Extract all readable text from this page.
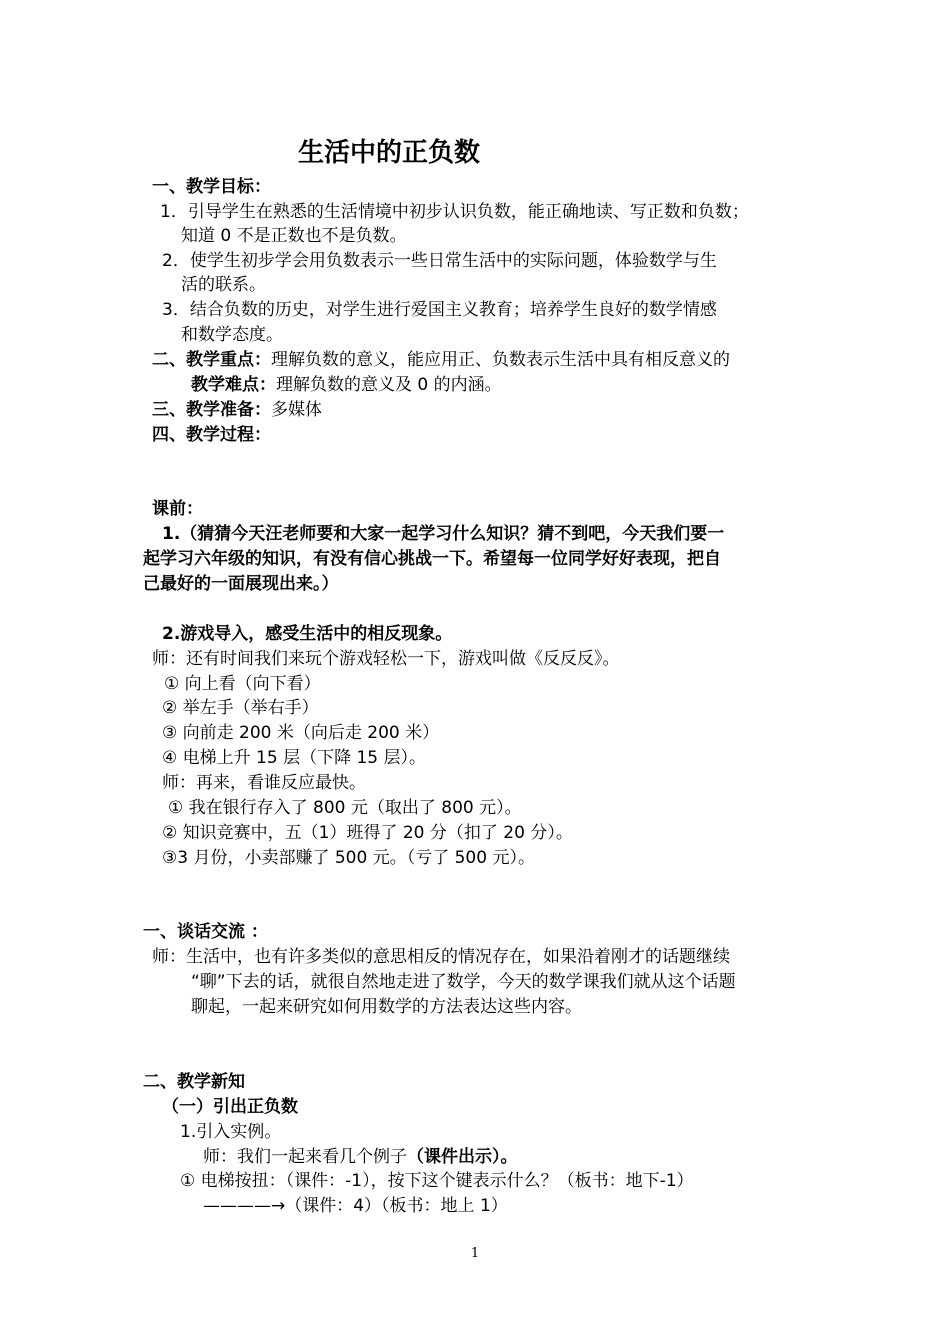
生活中的正负数
一、教学目标：
1．引导学生在熟悉的生活情境中初步认识负数，能正确地读、写正数和负数；
知道 0 不是正数也不是负数。
2．使学生初步学会用负数表示一些日常生活中的实际问题，体验数学与生
活的联系。
3．结合负数的历史，对学生进行爱国主义教育；培养学生良好的数学情感
和数学态度。
二、教学重点：理解负数的意义，能应用正、负数表示生活中具有相反意义的
教学难点：理解负数的意义及 0 的内涵。
三、教学准备：多媒体
四、教学过程：
课前：
1.（猜猜今天汪老师要和大家一起学习什么知识？猜不到吧，今天我们要一
起学习六年级的知识，有没有信心挑战一下。希望每一位同学好好表现，把自
己最好的一面展现出来。）
2.游戏导入，感受生活中的相反现象。
师：还有时间我们来玩个游戏轻松一下，游戏叫做《反反反》。
① 向上看（向下看）
② 举左手（举右手）
③ 向前走 200 米（向后走 200 米）
④ 电梯上升 15 层（下降 15 层）。
师：再来，看谁反应最快。
① 我在银行存入了 800 元（取出了 800 元）。
② 知识竞赛中，五（1）班得了 20 分（扣了 20 分）。
③3 月份，小卖部赚了 500 元。（亏了 500 元）。
一、谈话交流 ：
师：生活中，也有许多类似的意思相反的情况存在，如果沿着刚才的话题继续
“聊”下去的话，就很自然地走进了数学，今天的数学课我们就从这个话题
聊起，一起来研究如何用数学的方法表达这些内容。
二、教学新知
（一）引出正负数
1.引入实例。
师：我们一起来看几个例子（课件出示）。
① 电梯按扭：（课件：-1），按下这个键表示什么？（板书：地下-1）
————→（课件：4）（板书：地上 1）
1
